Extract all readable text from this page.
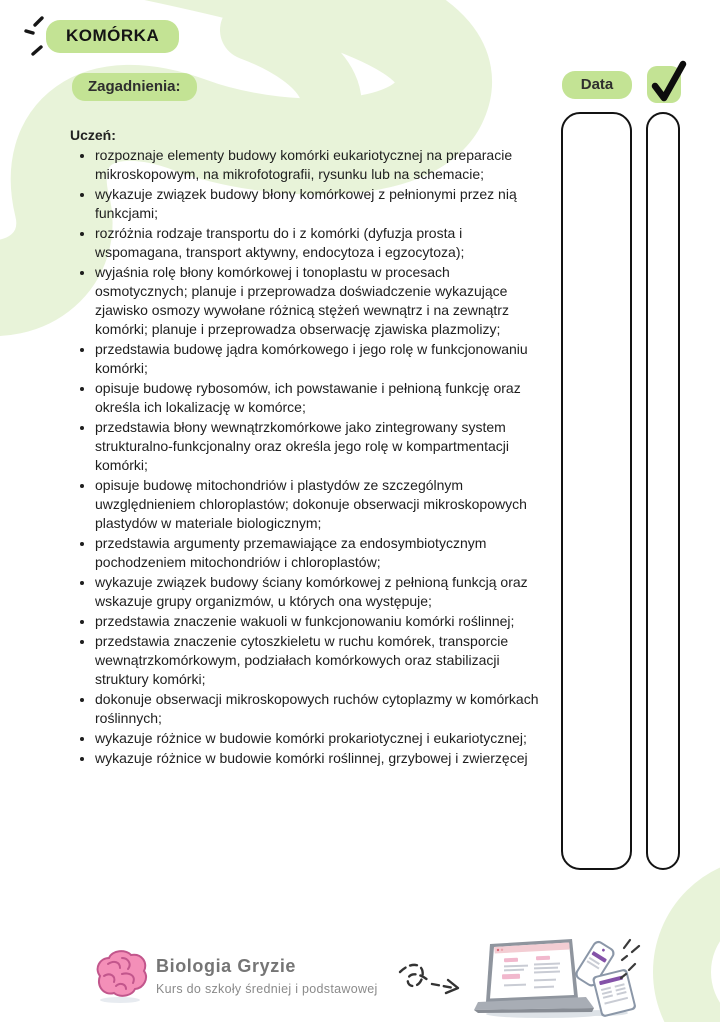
KOMÓRKA
Zagadnienia:	Data
Uczeń:
• rozpoznaje elementy budowy komórki eukariotycznej na preparacie mikroskopowym, na mikrofotografii, rysunku lub na schemacie;
• wykazuje związek budowy błony komórkowej z pełnionymi przez nią funkcjami;
• rozróżnia rodzaje transportu do i z komórki (dyfuzja prosta i wspomagana, transport aktywny, endocytoza i egzocytoza);
• wyjaśnia rolę błony komórkowej i tonoplastu w procesach osmotycznych; planuje i przeprowadza doświadczenie wykazujące zjawisko osmozy wywołane różnicą stężeń wewnątrz i na zewnątrz komórki; planuje i przeprowadza obserwację zjawiska plazmolizy;
• przedstawia budowę jądra komórkowego i jego rolę w funkcjonowaniu komórki;
• opisuje budowę rybosomów, ich powstawanie i pełnioną funkcję oraz określa ich lokalizację w komórce;
• przedstawia błony wewnątrzkomórkowe jako zintegrowany system strukturalno-funkcjonalny oraz określa jego rolę w kompartmentacji komórki;
• opisuje budowę mitochondriów i plastydów ze szczególnym uwzględnieniem chloroplastów; dokonuje obserwacji mikroskopowych plastydów w materiale biologicznym;
• przedstawia argumenty przemawiające za endosymbiotycznym pochodzeniem mitochondriów i chloroplastów;
• wykazuje związek budowy ściany komórkowej z pełnioną funkcją oraz wskazuje grupy organizmów, u których ona występuje;
• przedstawia znaczenie wakuoli w funkcjonowaniu komórki roślinnej;
• przedstawia znaczenie cytoszkieletu w ruchu komórek, transporcie wewnątrzkomórkowym, podziałach komórkowych oraz stabilizacji struktury komórki;
• dokonuje obserwacji mikroskopowych ruchów cytoplazmy w komórkach roślinnych;
• wykazuje różnice w budowie komórki prokariotycznej i eukariotycznej;
• wykazuje różnice w budowie komórki roślinnej, grzybowej i zwierzęcej
Biologia Gryzie
Kurs do szkoły średniej i podstawowej
